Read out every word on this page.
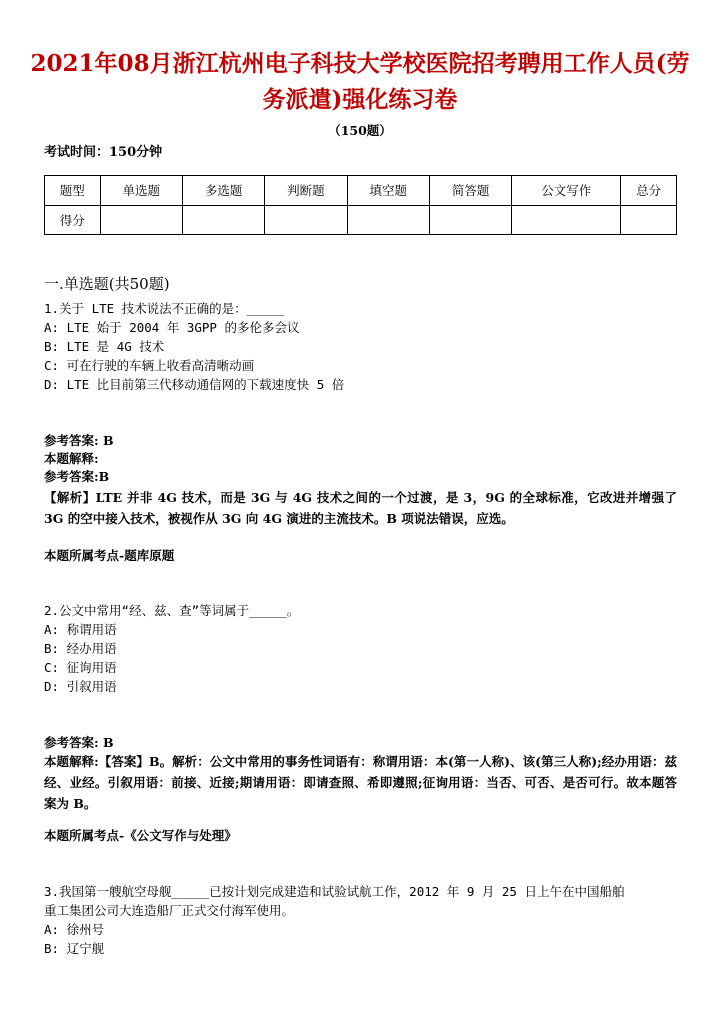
2021年08月浙江杭州电子科技大学校医院招考聘用工作人员(劳务派遣)强化练习卷
（150题）
考试时间：150分钟
题型	单选题	多选题	判断题	填空题	简答题	公文写作	总分
得分							
一.单选题(共50题)
1.关于 LTE 技术说法不正确的是：_____
A: LTE 始于 2004 年 3GPP 的多伦多会议
B: LTE 是 4G 技术
C: 可在行驶的车辆上收看高清晰动画
D: LTE 比目前第三代移动通信网的下载速度快 5 倍
参考答案: B
本题解释:
参考答案:B
【解析】LTE 并非 4G 技术，而是 3G 与 4G 技术之间的一个过渡，是 3，9G 的全球标准，它改进并增强了 3G 的空中接入技术，被视作从 3G 向 4G 演进的主流技术。B 项说法错误，应选。
本题所属考点-题库原题
2.公文中常用“经、兹、查”等词属于_____。
A: 称谓用语
B: 经办用语
C: 征询用语
D: 引叙用语
参考答案: B
本题解释:【答案】B。解析：公文中常用的事务性词语有：称谓用语：本(第一人称)、该(第三人称);经办用语：兹经、业经。引叙用语：前接、近接;期请用语：即请查照、希即遵照;征询用语：当否、可否、是否可行。故本题答案为 B。
本题所属考点-《公文写作与处理》
3.我国第一艘航空母舰_____已按计划完成建造和试验试航工作，2012 年 9 月 25 日上午在中国船舶
重工集团公司大连造船厂正式交付海军使用。
A: 徐州号
B: 辽宁舰
